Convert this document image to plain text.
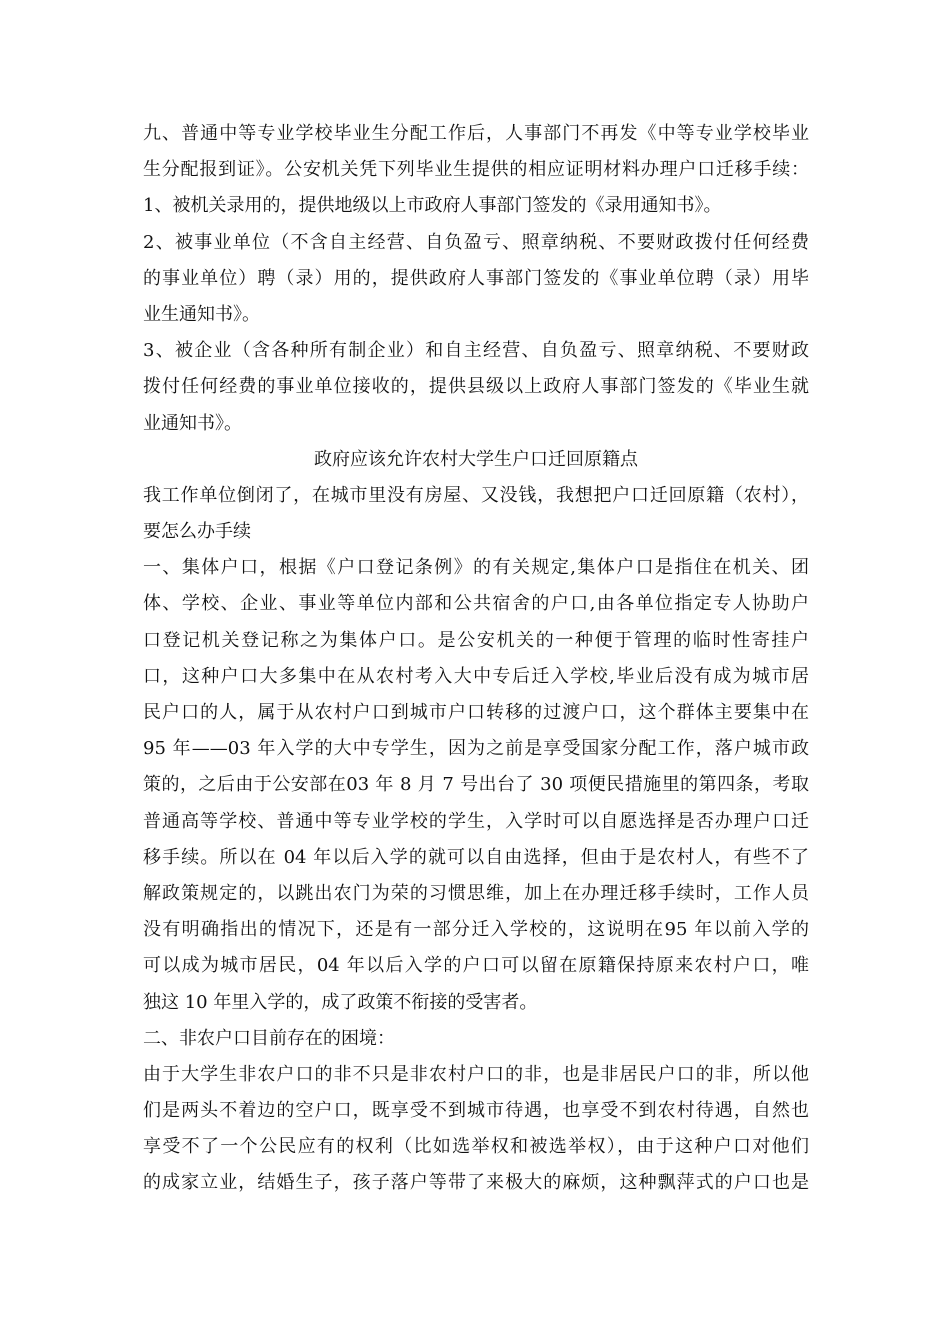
九、普通中等专业学校毕业生分配工作后，人事部门不再发《中等专业学校毕业
生分配报到证》。公安机关凭下列毕业生提供的相应证明材料办理户口迁移手续：
1、被机关录用的，提供地级以上市政府人事部门签发的《录用通知书》。
2、被事业单位（不含自主经营、自负盈亏、照章纳税、不要财政拨付任何经费
的事业单位）聘（录）用的，提供政府人事部门签发的《事业单位聘（录）用毕
业生通知书》。
3、被企业（含各种所有制企业）和自主经营、自负盈亏、照章纳税、不要财政
拨付任何经费的事业单位接收的，提供县级以上政府人事部门签发的《毕业生就
业通知书》。
政府应该允许农村大学生户口迁回原籍点
我工作单位倒闭了，在城市里没有房屋、又没钱，我想把户口迁回原籍（农村），
要怎么办手续
一、集体户口，根据《户口登记条例》的有关规定,集体户口是指住在机关、团
体、学校、企业、事业等单位内部和公共宿舍的户口,由各单位指定专人协助户
口登记机关登记称之为集体户口。是公安机关的一种便于管理的临时性寄挂户
口，这种户口大多集中在从农村考入大中专后迁入学校,毕业后没有成为城市居
民户口的人，属于从农村户口到城市户口转移的过渡户口，这个群体主要集中在
95 年——03 年入学的大中专学生，因为之前是享受国家分配工作，落户城市政
策的，之后由于公安部在03 年 8 月 7 号出台了 30 项便民措施里的第四条，考取
普通高等学校、普通中等专业学校的学生，入学时可以自愿选择是否办理户口迁
移手续。所以在 04 年以后入学的就可以自由选择，但由于是农村人，有些不了
解政策规定的，以跳出农门为荣的习惯思维，加上在办理迁移手续时，工作人员
没有明确指出的情况下，还是有一部分迁入学校的，这说明在95 年以前入学的
可以成为城市居民，04 年以后入学的户口可以留在原籍保持原来农村户口，唯
独这 10 年里入学的，成了政策不衔接的受害者。
二、非农户口目前存在的困境：
由于大学生非农户口的非不只是非农村户口的非，也是非居民户口的非，所以他
们是两头不着边的空户口，既享受不到城市待遇，也享受不到农村待遇，自然也
享受不了一个公民应有的权利（比如选举权和被选举权），由于这种户口对他们
的成家立业，结婚生子，孩子落户等带了来极大的麻烦，这种飘萍式的户口也是
